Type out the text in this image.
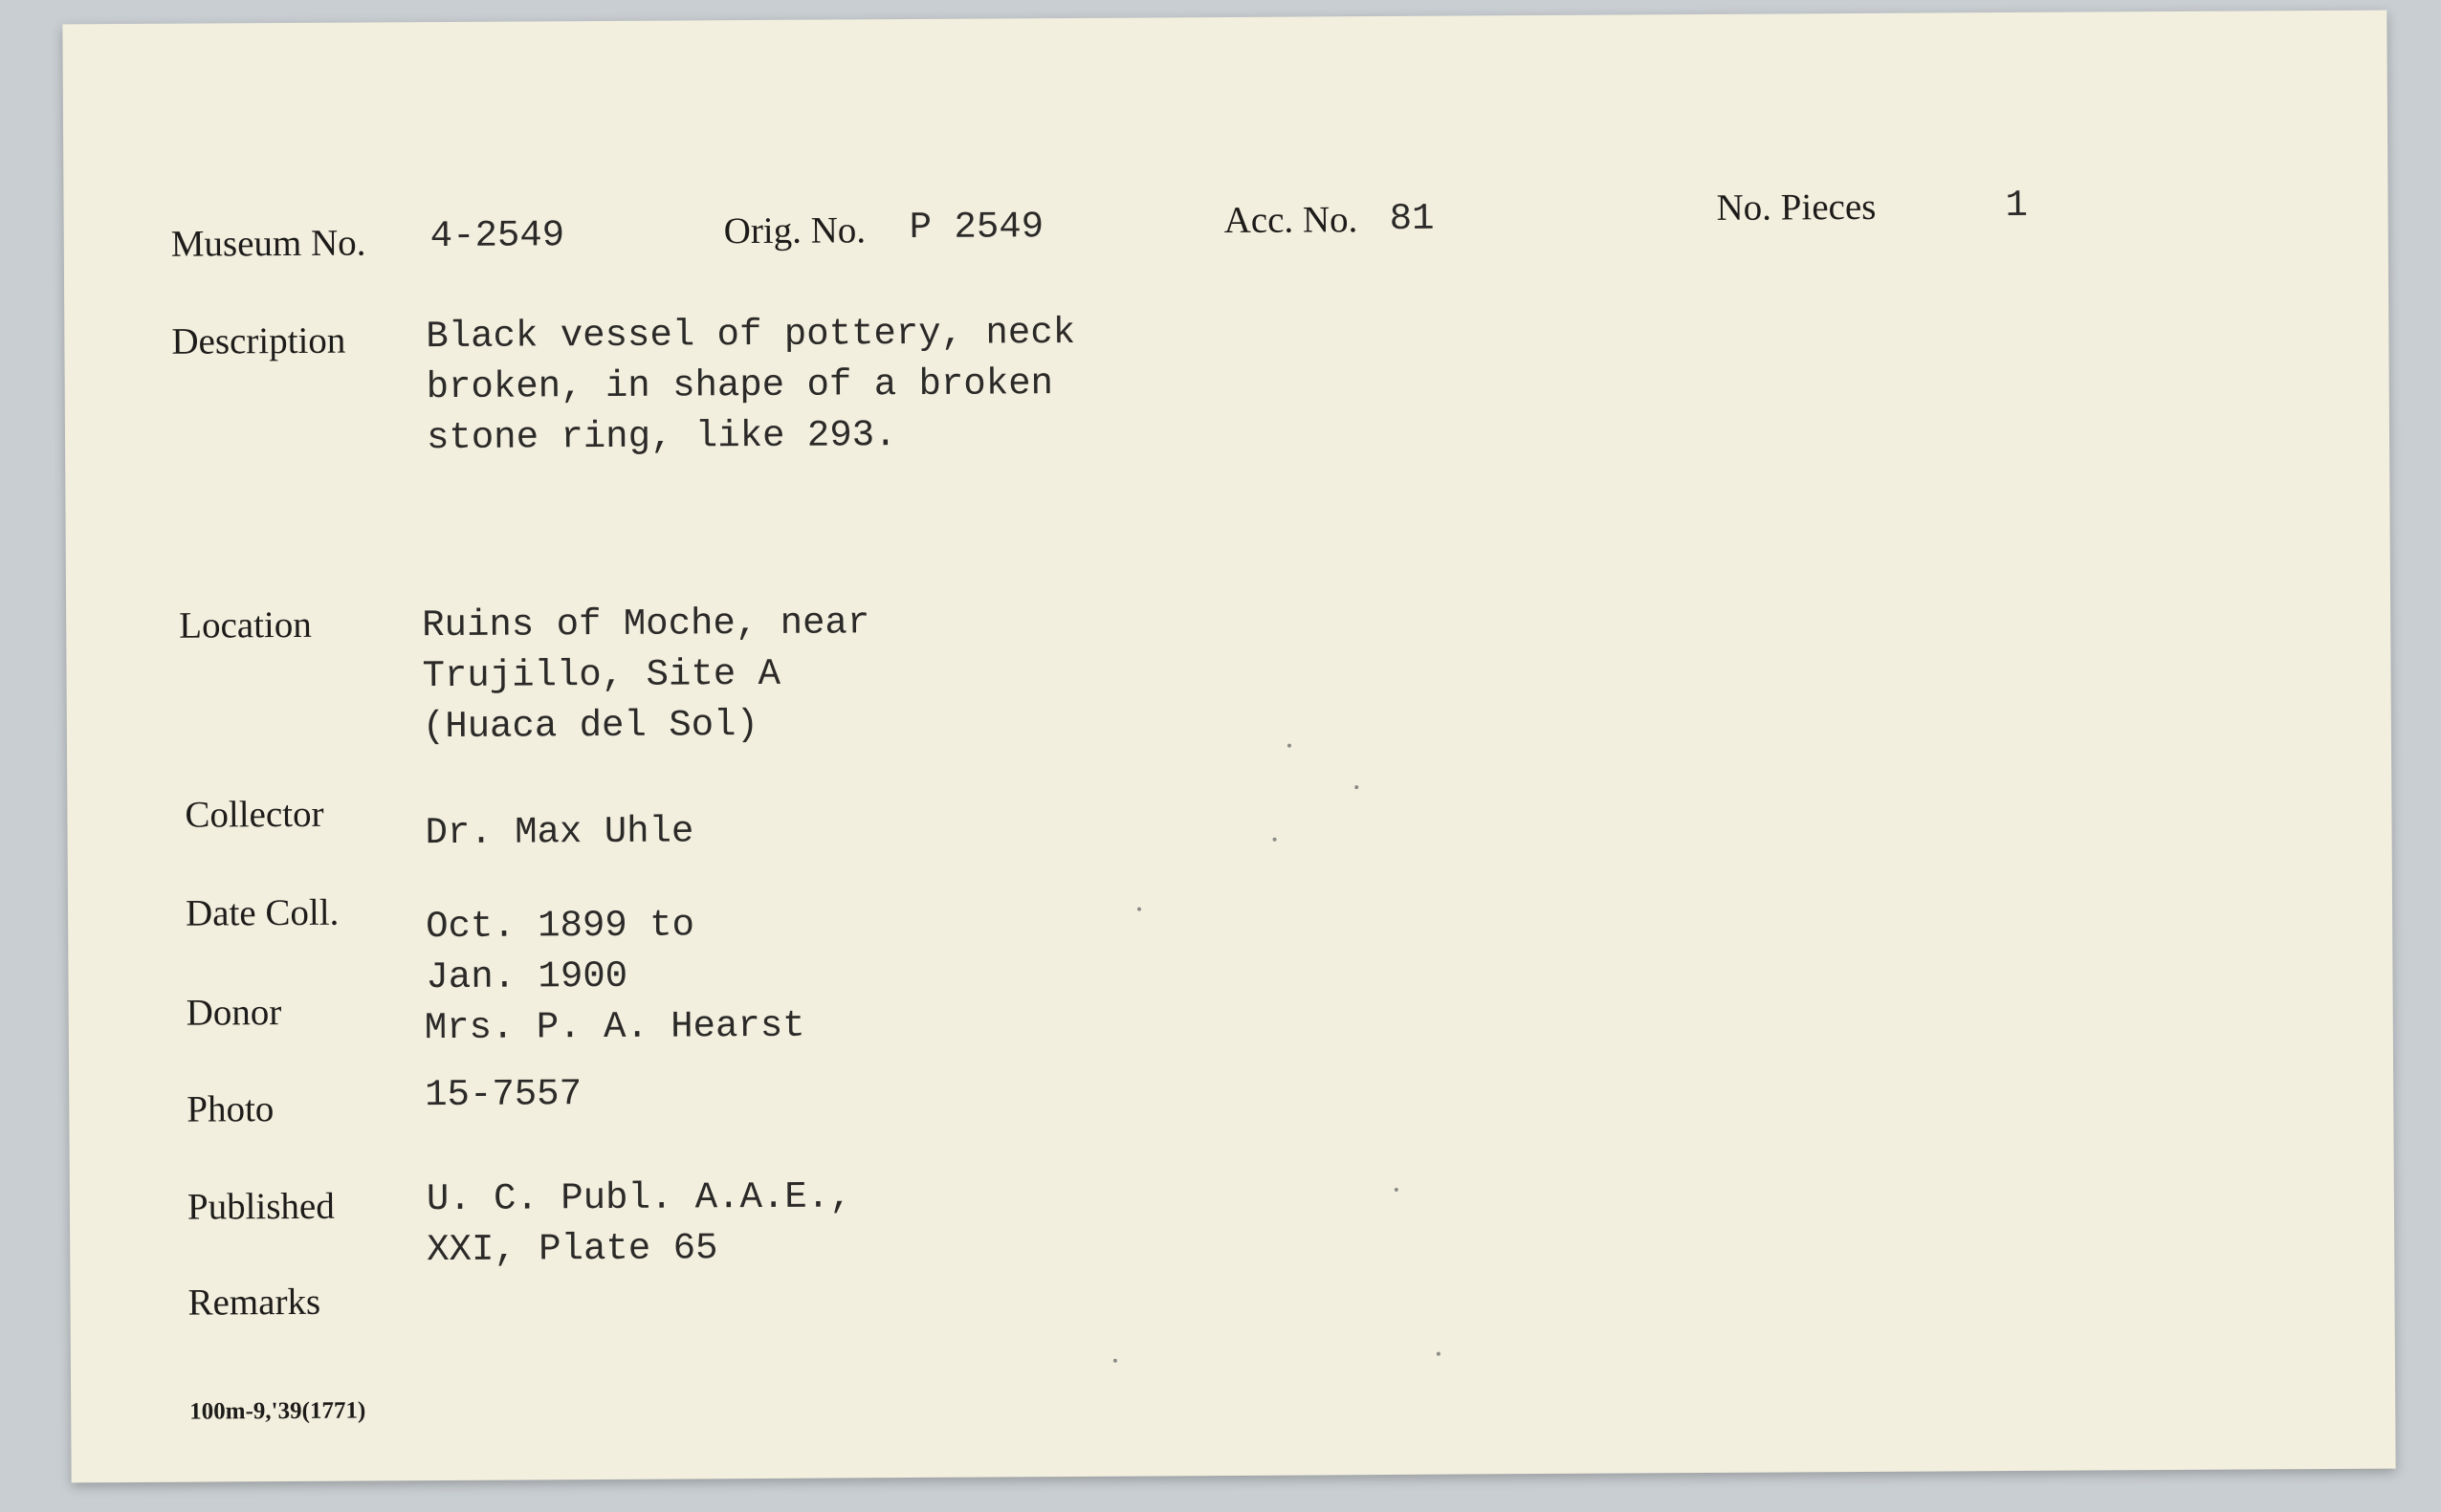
Museum No. 4-2549	Orig. No. P 2549	Acc. No. 81	No. Pieces	1
Description Black vessel of pottery, neck
broken, in shape of a broken
stone ring, like 293.
Location	Ruins of Moche, near
Trujillo, Site A
(Huaca del Sol)
Collector	Dr. Max Uhle
Date Coll. Oct. 1899 to
Jan. 1900
Donor	Mrs. P. A. Hearst
Photo	15-7557
Published U. C. Publ. A.A.E.,
XXI, Plate 65
Remarks
100m-9,'39(1771)
